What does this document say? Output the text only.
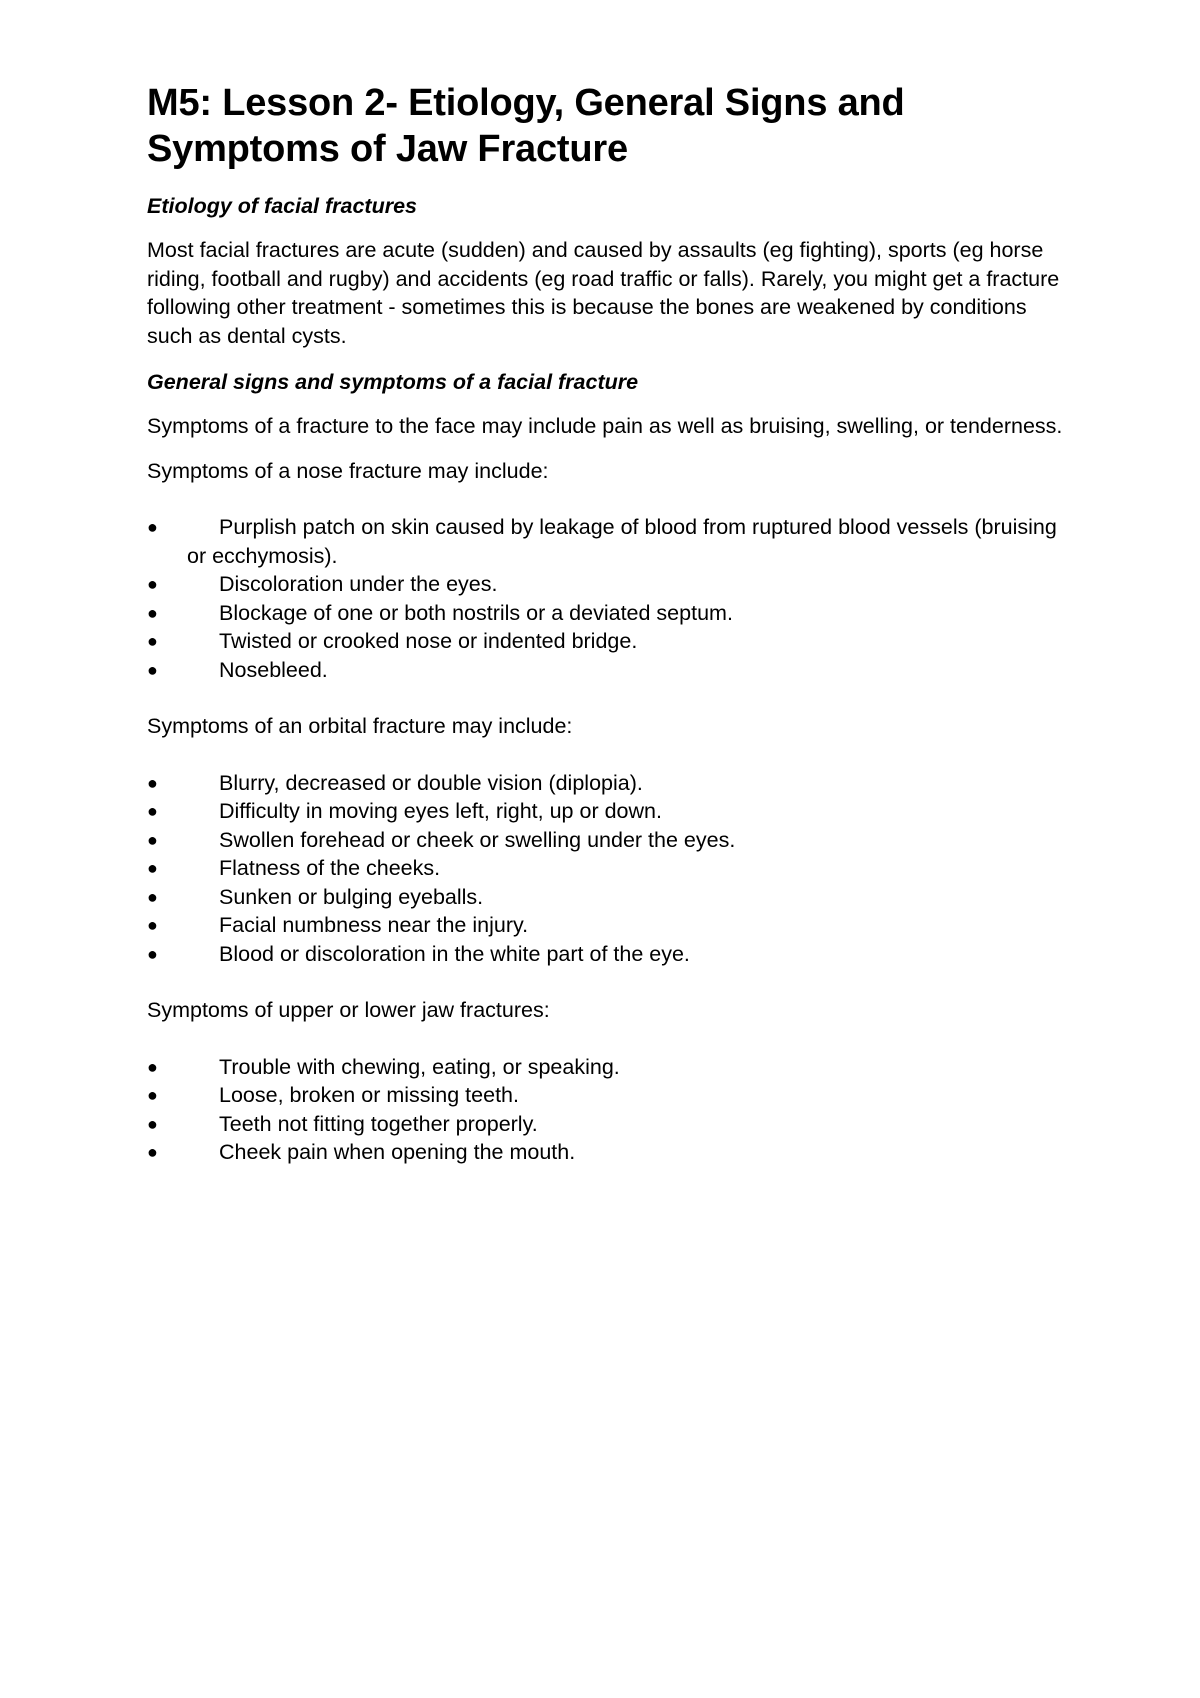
M5: Lesson 2- Etiology, General Signs and Symptoms of Jaw Fracture
Etiology of facial fractures

Most facial fractures are acute (sudden) and caused by assaults (eg fighting), sports (eg horse riding, football and rugby) and accidents (eg road traffic or falls). Rarely, you might get a fracture following other treatment - sometimes this is because the bones are weakened by conditions such as dental cysts.

General signs and symptoms of a facial fracture

Symptoms of a fracture to the face may include pain as well as bruising, swelling, or tenderness.

Symptoms of a nose fracture may include:

●	Purplish patch on skin caused by leakage of blood from ruptured blood vessels (bruising or ecchymosis).
●	Discoloration under the eyes.
●	Blockage of one or both nostrils or a deviated septum.
●	Twisted or crooked nose or indented bridge.
●	Nosebleed.

Symptoms of an orbital fracture may include:

●	Blurry, decreased or double vision (diplopia).
●	Difficulty in moving eyes left, right, up or down.
●	Swollen forehead or cheek or swelling under the eyes.
●	Flatness of the cheeks.
●	Sunken or bulging eyeballs.
●	Facial numbness near the injury.
●	Blood or discoloration in the white part of the eye.

Symptoms of upper or lower jaw fractures:

●	Trouble with chewing, eating, or speaking.
●	Loose, broken or missing teeth.
●	Teeth not fitting together properly.
●	Cheek pain when opening the mouth.
